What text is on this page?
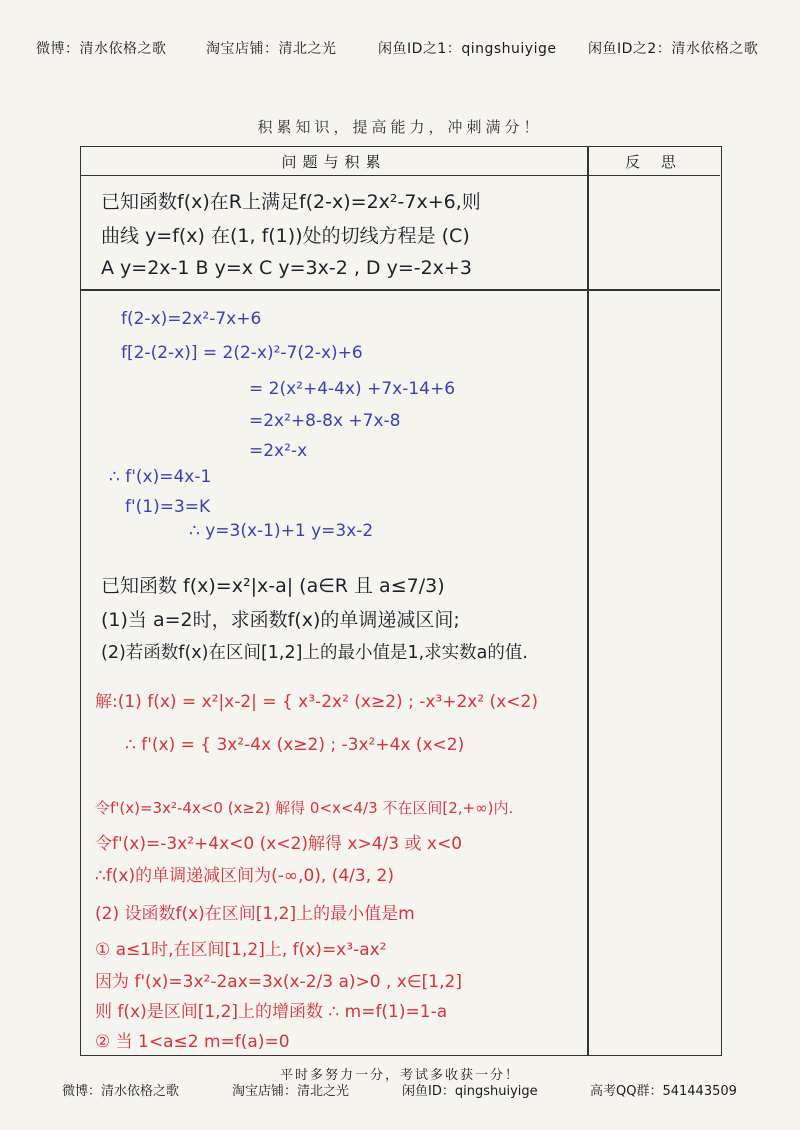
微博：清水依格之歌	淘宝店铺：清北之光	闲鱼ID之1：qingshuiyige 闲鱼ID之2：清水依格之歌
积累知识，提高能力，冲刺满分！
问题与积累	反 思
已知函数f(x)在R上满足f(2-x)=2x²-7x+6,则
曲线 y=f(x) 在(1, f(1))处的切线方程是 (C)
A y=2x-1 B y=x C y=3x-2 , D y=-2x+3
f(2-x)=2x²-7x+6
f[2-(2-x)] = 2(2-x)²-7(2-x)+6
= 2(x²+4-4x) +7x-14+6
=2x²+8-8x +7x-8
=2x²-x
∴ f'(x)=4x-1
f'(1)=3=K
∴ y=3(x-1)+1 y=3x-2
已知函数 f(x)=x²|x-a| (a∈R 且 a≤7/3)
(1)当 a=2时，求函数f(x)的单调递减区间;
(2)若函数f(x)在区间[1,2]上的最小值是1,求实数a的值.
解:(1) f(x) = x²|x-2| = { x³-2x² (x≥2) ; -x³+2x² (x<2)
∴ f'(x) = { 3x²-4x (x≥2) ; -3x²+4x (x<2)
令f'(x)=3x²-4x<0 (x≥2) 解得 0<x<4/3 不在区间[2,+∞)内.
令f'(x)=-3x²+4x<0 (x<2)解得 x>4/3 或 x<0
∴f(x)的单调递减区间为(-∞,0), (4/3, 2)
(2) 设函数f(x)在区间[1,2]上的最小值是m
① a≤1时,在区间[1,2]上, f(x)=x³-ax²
因为 f'(x)=3x²-2ax=3x(x-2/3 a)>0 , x∈[1,2]
则 f(x)是区间[1,2]上的增函数 ∴ m=f(1)=1-a
② 当 1<a≤2 m=f(a)=0
平时多努力一分，考试多收获一分！
微博：清水依格之歌	淘宝店铺：清北之光	闲鱼ID：qingshuiyige	高考QQ群：541443509
